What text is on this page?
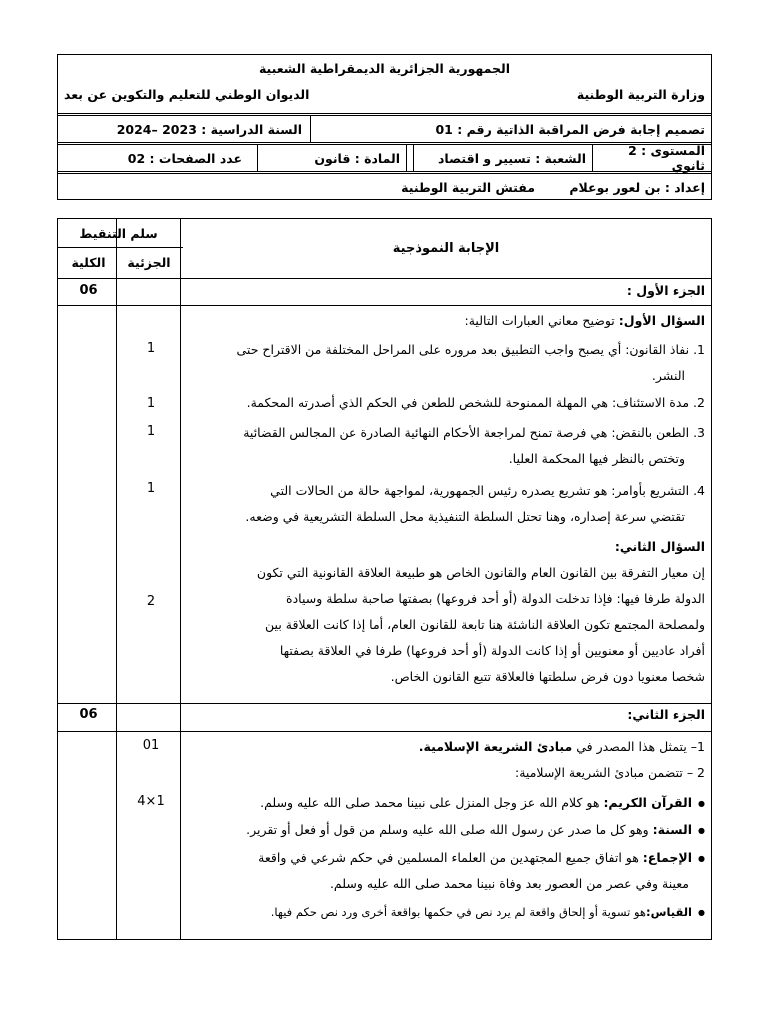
الجمهورية الجزائرية الديمقراطية الشعبية
وزارة التربية الوطنية
الديوان الوطني للتعليم والتكوين عن بعد
تصميم إجابة فرض المراقبة الذاتية رقم : 01
السنة الدراسية : 2023 –2024
المستوى : 2 ثانوي
الشعبة : تسيير و اقتصاد
المادة : قانون
عدد الصفحات : 02
إعداد : بن لعور بوعلام
مفتش التربية الوطنية
سلم التنقيط
الجزئية
الكلية
الإجابة النموذجية
الجزء الأول :
06
السؤال الأول: توضيح معاني العبارات التالية:
1. نفاذ القانون: أي يصبح واجب التطبيق بعد مروره على المراحل المختلفة من الاقتراح حتى
النشر.
2. مدة الاستئناف: هي المهلة الممنوحة للشخص للطعن في الحكم الذي أصدرته المحكمة.
3. الطعن بالنقض: هي فرصة تمنح لمراجعة الأحكام النهائية الصادرة عن المجالس القضائية
وتختص بالنظر فيها المحكمة العليا.
4. التشريع بأوامر: هو تشريع يصدره رئيس الجمهورية، لمواجهة حالة من الحالات التي
تقتضي سرعة إصداره، وهنا تحتل السلطة التنفيذية محل السلطة التشريعية في وضعه.
السؤال الثاني:
إن معيار التفرقة بين القانون العام والقانون الخاص هو طبيعة العلاقة القانونية التي تكون
الدولة طرفا فيها: فإذا تدخلت الدولة (أو أحد فروعها) بصفتها صاحبة سلطة وسيادة
ولمصلحة المجتمع تكون العلاقة الناشئة هنا تابعة للقانون العام، أما إذا كانت العلاقة بين
أفراد عاديين أو معنويين أو إذا كانت الدولة (أو أحد فروعها) طرفا في العلاقة بصفتها
شخصا معنويا دون فرض سلطتها فالعلاقة تتبع القانون الخاص.
1
1
1
1
2
الجزء الثاني:
06
1– يتمثل هذا المصدر في مبادئ الشريعة الإسلامية.
2 – تتضمن مبادئ الشريعة الإسلامية:
● القرآن الكريم: هو كلام الله عز وجل المنزل على نبينا محمد صلى الله عليه وسلم.
● السنة: وهو كل ما صدر عن رسول الله صلى الله عليه وسلم من قول أو فعل أو تقرير.
● الإجماع: هو اتفاق جميع المجتهدين من العلماء المسلمين في حكم شرعي في واقعة
معينة وفي عصر من العصور بعد وفاة نبينا محمد صلى الله عليه وسلم.
● القياس:هو تسوية أو إلحاق واقعة لم يرد نص في حكمها بواقعة أخرى ورد نص حكم فيها.
01
4×1
